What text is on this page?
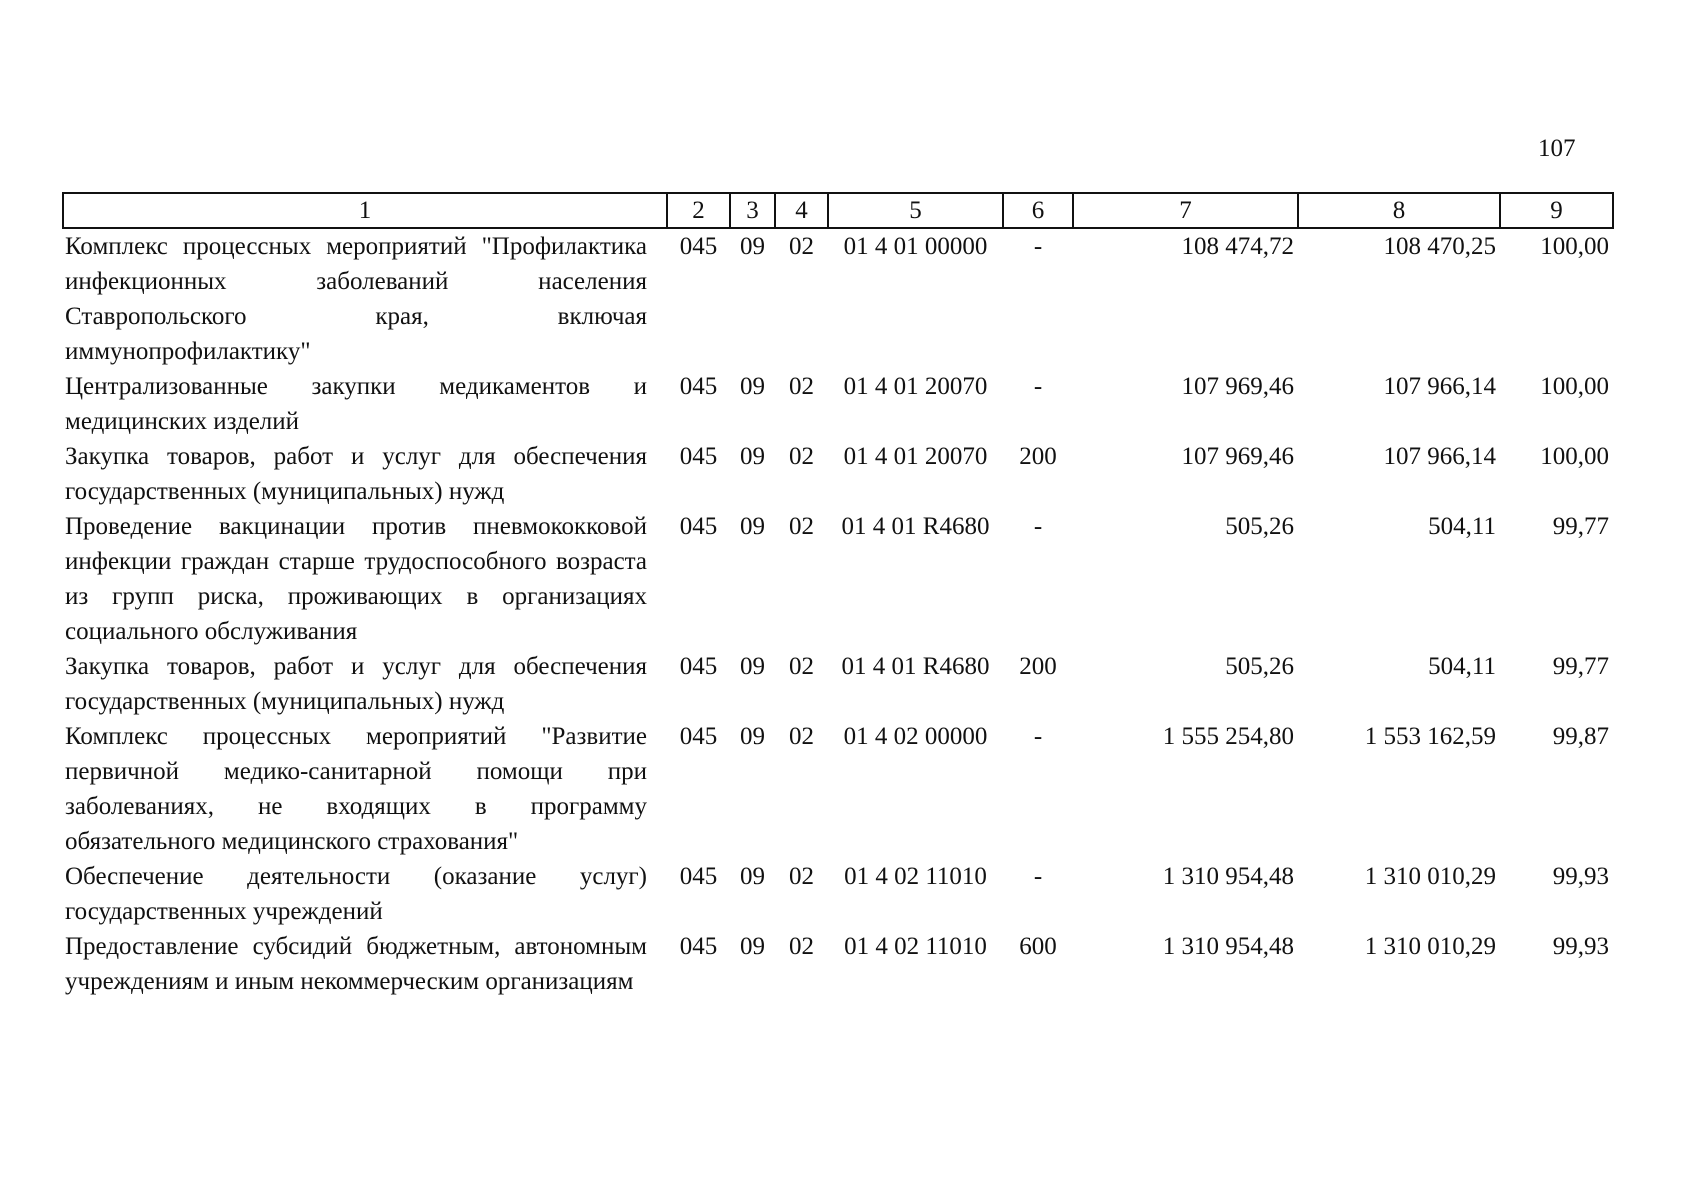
107
1	2	3	4	5	6	7	8	9
Комплекс процессных мероприятий "Профилактика инфекционных заболеваний населения Ставропольского края, включая иммунопрофилактику"	045	09	02	01 4 01 00000	-	108 474,72	108 470,25	100,00
Централизованные закупки медикаментов и медицинских изделий	045	09	02	01 4 01 20070	-	107 969,46	107 966,14	100,00
Закупка товаров, работ и услуг для обеспечения государственных (муниципальных) нужд	045	09	02	01 4 01 20070	200	107 969,46	107 966,14	100,00
Проведение вакцинации против пневмококковой инфекции граждан старше трудоспособного возраста из групп риска, проживающих в организациях социального обслуживания	045	09	02	01 4 01 R4680	-	505,26	504,11	99,77
Закупка товаров, работ и услуг для обеспечения государственных (муниципальных) нужд	045	09	02	01 4 01 R4680	200	505,26	504,11	99,77
Комплекс процессных мероприятий "Развитие первичной медико-санитарной помощи при заболеваниях, не входящих в программу обязательного медицинского страхования"	045	09	02	01 4 02 00000	-	1 555 254,80	1 553 162,59	99,87
Обеспечение деятельности (оказание услуг) государственных учреждений	045	09	02	01 4 02 11010	-	1 310 954,48	1 310 010,29	99,93
Предоставление субсидий бюджетным, автономным учреждениям и иным некоммерческим организациям	045	09	02	01 4 02 11010	600	1 310 954,48	1 310 010,29	99,93
